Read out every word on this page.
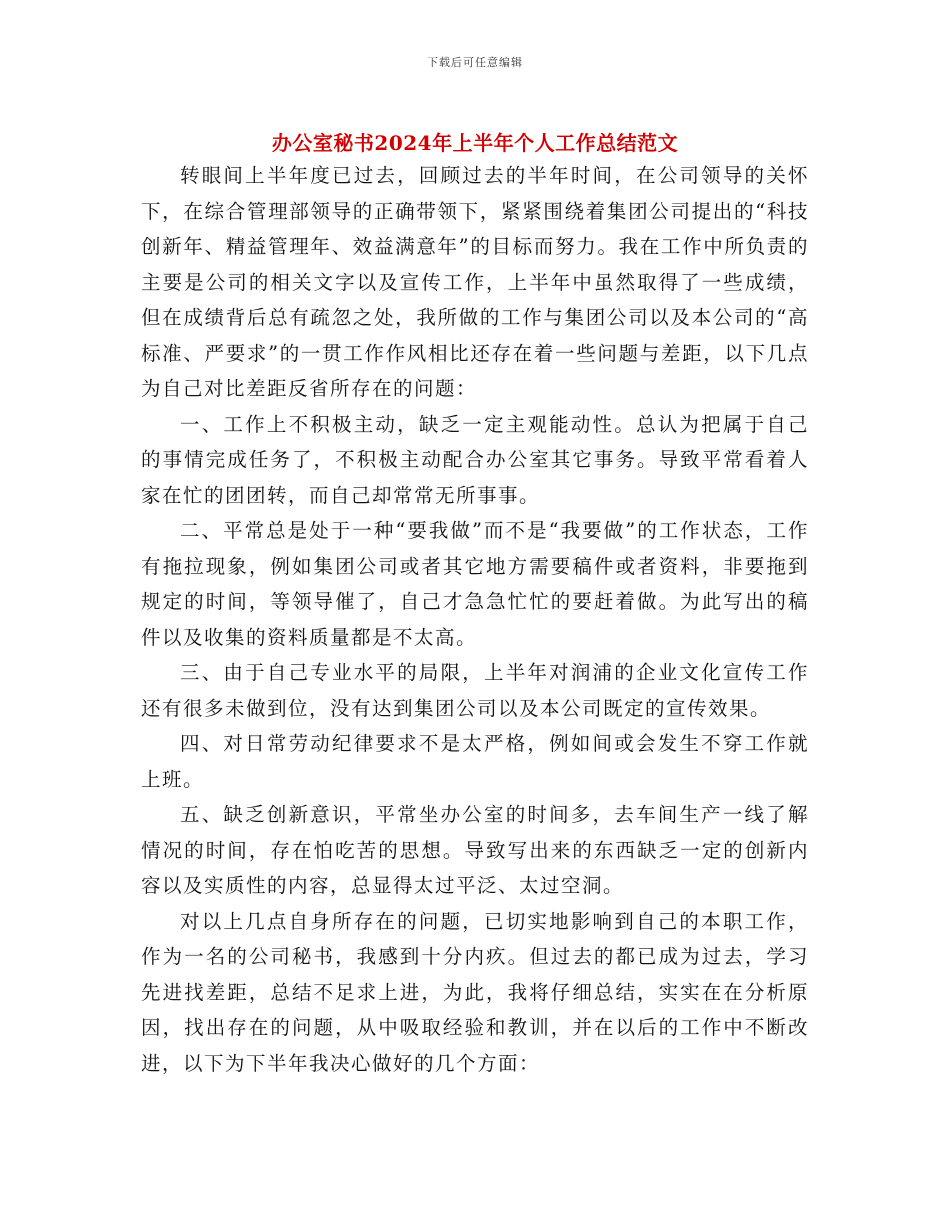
下载后可任意编辑
办公室秘书2024年上半年个人工作总结范文

转眼间上半年度已过去，回顾过去的半年时间，在公司领导的关怀下，在综合管理部领导的正确带领下，紧紧围绕着集团公司提出的“科技创新年、精益管理年、效益满意年”的目标而努力。我在工作中所负责的主要是公司的相关文字以及宣传工作，上半年中虽然取得了一些成绩，但在成绩背后总有疏忽之处，我所做的工作与集团公司以及本公司的“高标准、严要求”的一贯工作作风相比还存在着一些问题与差距，以下几点为自己对比差距反省所存在的问题：

一、工作上不积极主动，缺乏一定主观能动性。总认为把属于自己的事情完成任务了，不积极主动配合办公室其它事务。导致平常看着人家在忙的团团转，而自己却常常无所事事。

二、平常总是处于一种“要我做”而不是“我要做”的工作状态，工作有拖拉现象，例如集团公司或者其它地方需要稿件或者资料，非要拖到规定的时间，等领导催了，自己才急急忙忙的要赶着做。为此写出的稿件以及收集的资料质量都是不太高。

三、由于自己专业水平的局限，上半年对润浦的企业文化宣传工作还有很多未做到位，没有达到集团公司以及本公司既定的宣传效果。

四、对日常劳动纪律要求不是太严格，例如间或会发生不穿工作就上班。

五、缺乏创新意识，平常坐办公室的时间多，去车间生产一线了解情况的时间，存在怕吃苦的思想。导致写出来的东西缺乏一定的创新内容以及实质性的内容，总显得太过平泛、太过空洞。

对以上几点自身所存在的问题，已切实地影响到自己的本职工作，作为一名的公司秘书，我感到十分内疚。但过去的都已成为过去，学习先进找差距，总结不足求上进，为此，我将仔细总结，实实在在分析原因，找出存在的问题，从中吸取经验和教训，并在以后的工作中不断改进，以下为下半年我决心做好的几个方面：
